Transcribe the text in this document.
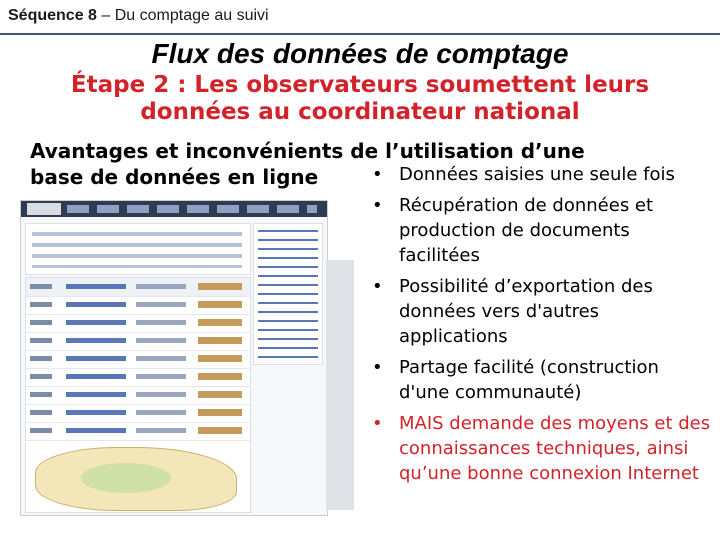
Séquence 8 – Du comptage au suivi
Flux des données de comptage
Étape 2 : Les observateurs soumettent leurs données au coordinateur national
Avantages et inconvénients de l’utilisation d’une base de données en ligne
•	Données saisies une seule fois
• Récupération de données et production de documents facilitées
• Possibilité d’exportation des données vers d'autres applications
• Partage facilité (construction d'une communauté)
• MAIS demande des moyens et des connaissances techniques, ainsi qu’une bonne connexion Internet
